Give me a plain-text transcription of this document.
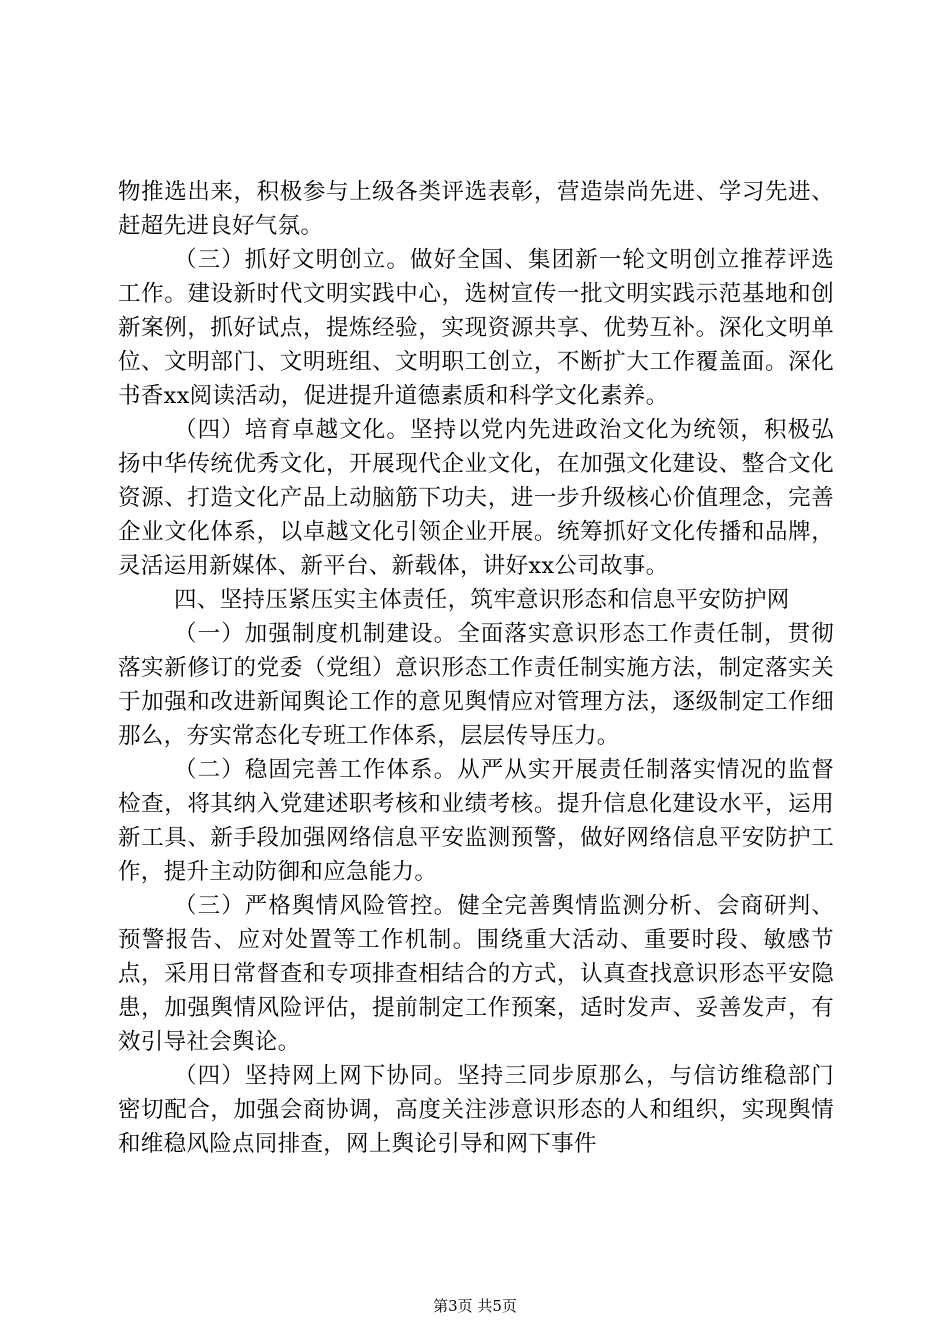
物推选出来，积极参与上级各类评选表彰，营造崇尚先进、学习先进、赶超先进良好气氛。

（三）抓好文明创立。做好全国、集团新一轮文明创立推荐评选工作。建设新时代文明实践中心，选树宣传一批文明实践示范基地和创新案例，抓好试点，提炼经验，实现资源共享、优势互补。深化文明单位、文明部门、文明班组、文明职工创立，不断扩大工作覆盖面。深化书香xx阅读活动，促进提升道德素质和科学文化素养。

（四）培育卓越文化。坚持以党内先进政治文化为统领，积极弘扬中华传统优秀文化，开展现代企业文化，在加强文化建设、整合文化资源、打造文化产品上动脑筋下功夫，进一步升级核心价值理念，完善企业文化体系，以卓越文化引领企业开展。统筹抓好文化传播和品牌，灵活运用新媒体、新平台、新载体，讲好xx公司故事。

四、坚持压紧压实主体责任，筑牢意识形态和信息平安防护网

（一）加强制度机制建设。全面落实意识形态工作责任制，贯彻落实新修订的党委（党组）意识形态工作责任制实施方法，制定落实关于加强和改进新闻舆论工作的意见舆情应对管理方法，逐级制定工作细那么，夯实常态化专班工作体系，层层传导压力。

（二）稳固完善工作体系。从严从实开展责任制落实情况的监督检查，将其纳入党建述职考核和业绩考核。提升信息化建设水平，运用新工具、新手段加强网络信息平安监测预警，做好网络信息平安防护工作，提升主动防御和应急能力。

（三）严格舆情风险管控。健全完善舆情监测分析、会商研判、预警报告、应对处置等工作机制。围绕重大活动、重要时段、敏感节点，采用日常督查和专项排查相结合的方式，认真查找意识形态平安隐患，加强舆情风险评估，提前制定工作预案，适时发声、妥善发声，有效引导社会舆论。

（四）坚持网上网下协同。坚持三同步原那么，与信访维稳部门密切配合，加强会商协调，高度关注涉意识形态的人和组织，实现舆情和维稳风险点同排查，网上舆论引导和网下事件

第3页 共5页
